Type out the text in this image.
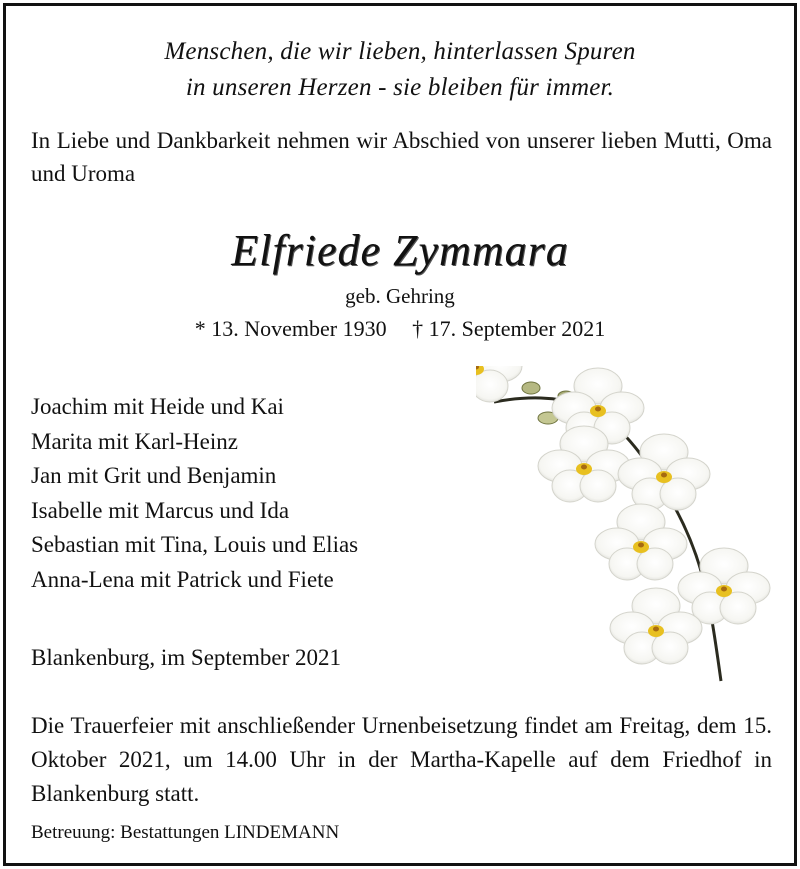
Menschen, die wir lieben, hinterlassen Spuren
in unseren Herzen - sie bleiben für immer.
In Liebe und Dankbarkeit nehmen wir Abschied von unserer lieben Mutti, Oma und Uroma
Elfriede Zymmara
geb. Gehring
* 13. November 1930 † 17. September 2021
Joachim mit Heide und Kai
Marita mit Karl-Heinz
Jan mit Grit und Benjamin
Isabelle mit Marcus und Ida
Sebastian mit Tina, Louis und Elias
Anna-Lena mit Patrick und Fiete
Blankenburg, im September 2021
Die Trauerfeier mit anschließender Urnenbeisetzung findet am Freitag, dem 15. Oktober 2021, um 14.00 Uhr in der Martha-Kapelle auf dem Friedhof in Blankenburg statt.
Betreuung: Bestattungen LINDEMANN
